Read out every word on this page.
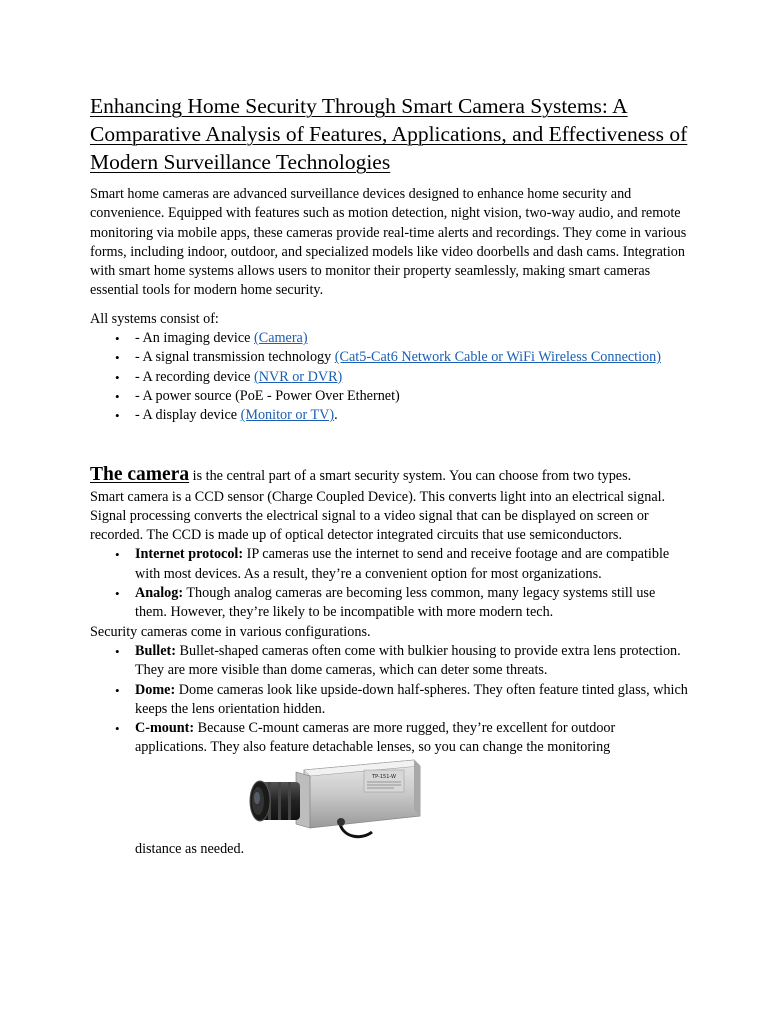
Enhancing Home Security Through Smart Camera Systems: A Comparative Analysis of Features, Applications, and Effectiveness of Modern Surveillance Technologies

Smart home cameras are advanced surveillance devices designed to enhance home security and convenience. Equipped with features such as motion detection, night vision, two-way audio, and remote monitoring via mobile apps, these cameras provide real-time alerts and recordings. They come in various forms, including indoor, outdoor, and specialized models like video doorbells and dash cams. Integration with smart home systems allows users to monitor their property seamlessly, making smart cameras essential tools for modern home security.

All systems consist of:

• - An imaging device (Camera)
• - A signal transmission technology (Cat5-Cat6 Network Cable or WiFi Wireless Connection)
• - A recording device (NVR or DVR)
• - A power source (PoE - Power Over Ethernet)
• - A display device (Monitor or TV).

The camera is the central part of a smart security system. You can choose from two types.

Smart camera is a CCD sensor (Charge Coupled Device). This converts light into an electrical signal. Signal processing converts the electrical signal to a video signal that can be displayed on screen or recorded. The CCD is made up of optical detector integrated circuits that use semiconductors.

• Internet protocol: IP cameras use the internet to send and receive footage and are compatible with most devices. As a result, they’re a convenient option for most organizations.
• Analog: Though analog cameras are becoming less common, many legacy systems still use them. However, they’re likely to be incompatible with more modern tech.

Security cameras come in various configurations.

• Bullet: Bullet-shaped cameras often come with bulkier housing to provide extra lens protection. They are more visible than dome cameras, which can deter some threats.
• Dome: Dome cameras look like upside-down half-spheres. They often feature tinted glass, which keeps the lens orientation hidden.
• C-mount: Because C-mount cameras are more rugged, they’re excellent for outdoor applications. They also feature detachable lenses, so you can change the monitoring
distance as needed.
TP-151-W
